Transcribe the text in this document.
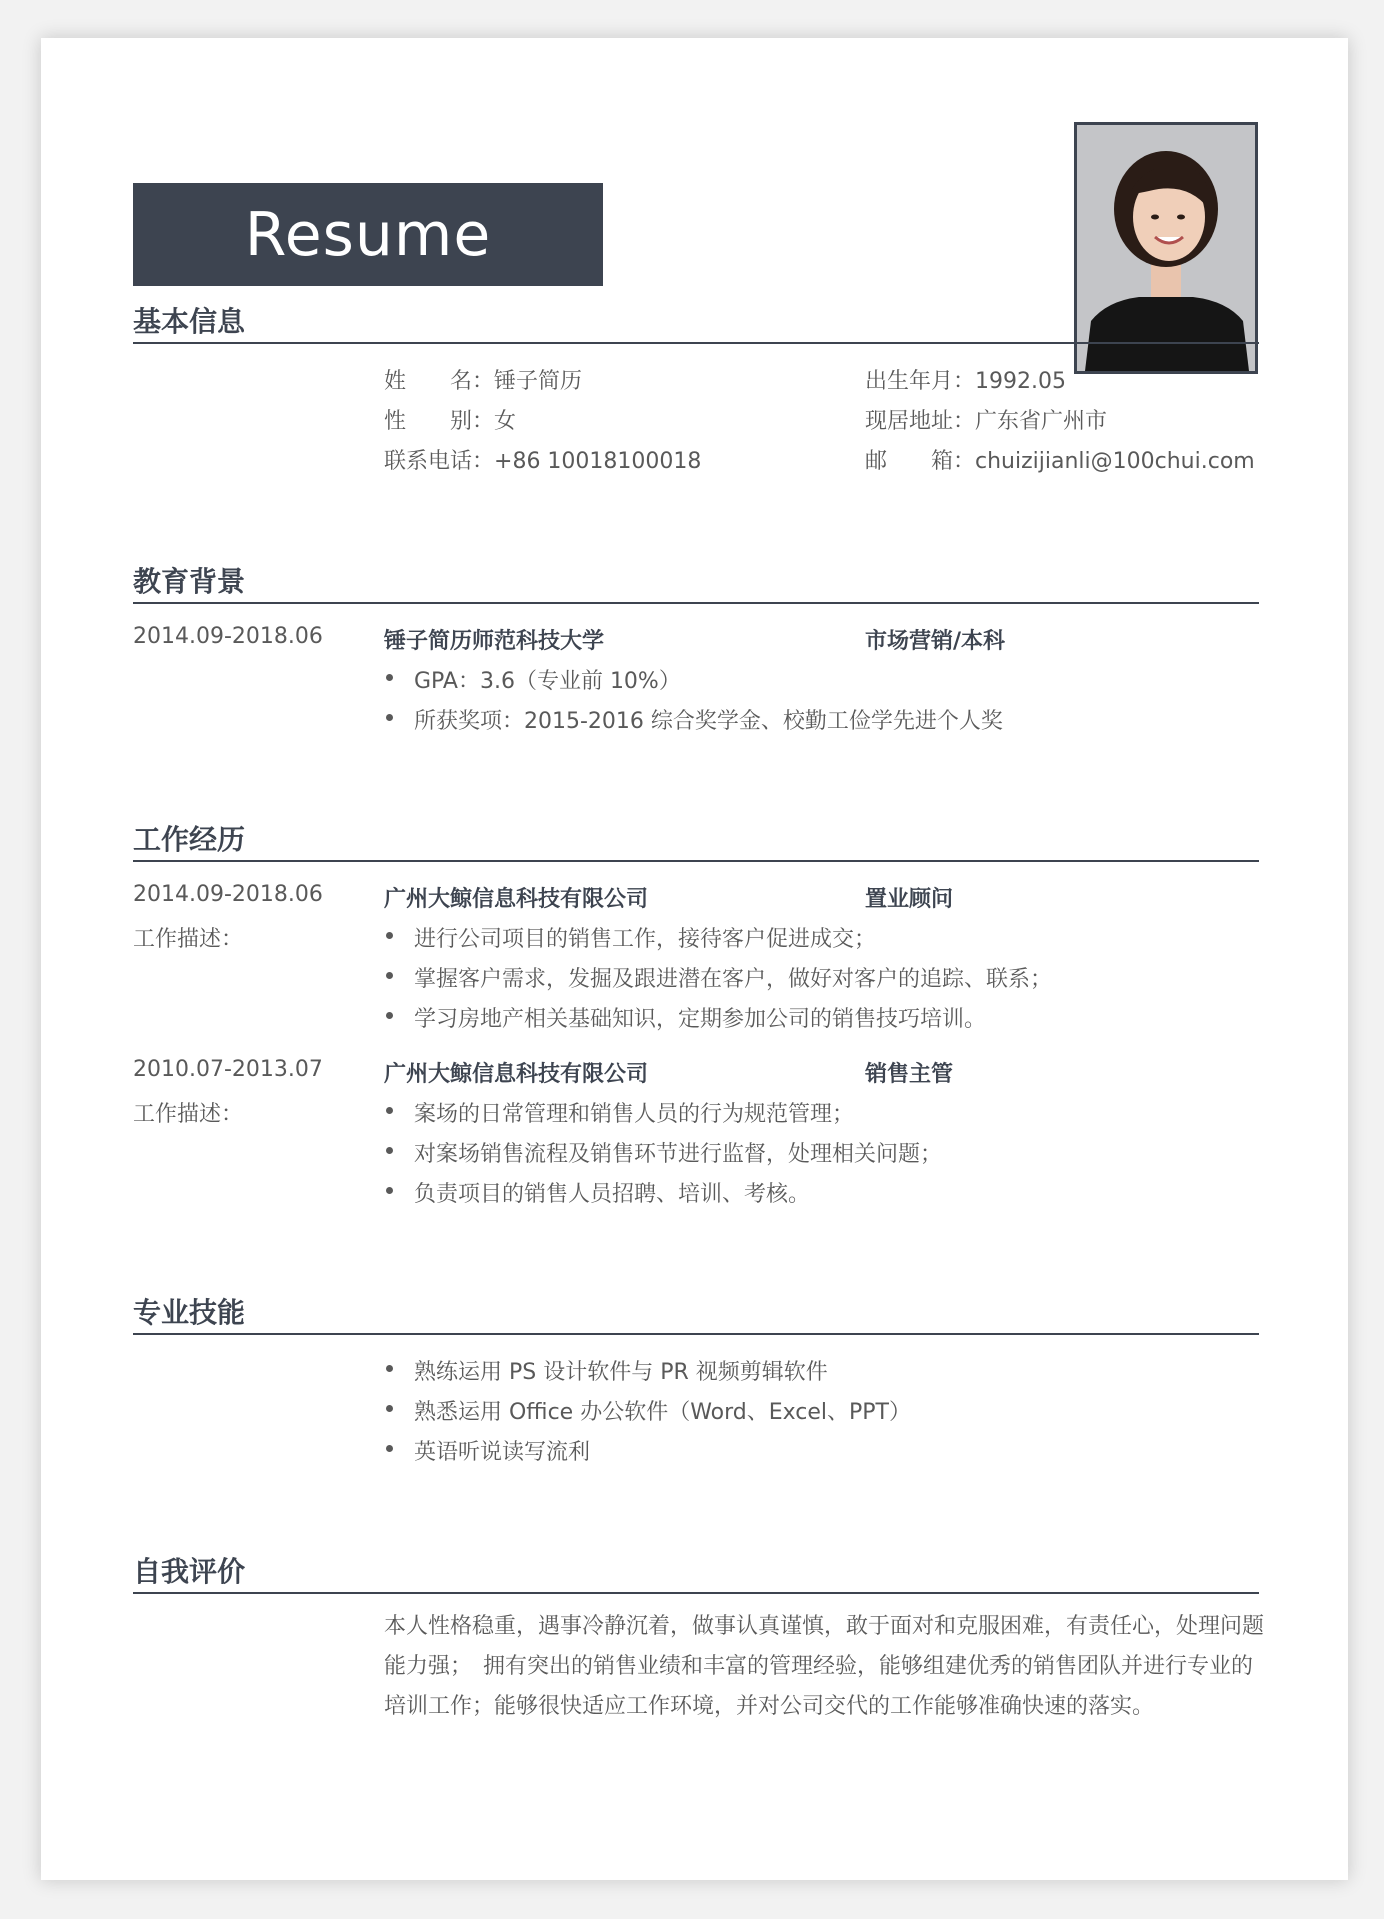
Resume
基本信息
姓　　名：锤子简历
性　　别：女
联系电话：+86 10018100018
出生年月：1992.05
现居地址：广东省广州市
邮　　箱：chuizijianli@100chui.com
教育背景
2014.09-2018.06	锤子简历师范科技大学	市场营销/本科
GPA：3.6（专业前 10%）
所获奖项：2015-2016 综合奖学金、校勤工俭学先进个人奖
工作经历
2014.09-2018.06
工作描述：
广州大鲸信息科技有限公司	置业顾问
进行公司项目的销售工作，接待客户促进成交；
掌握客户需求，发掘及跟进潜在客户，做好对客户的追踪、联系；
学习房地产相关基础知识，定期参加公司的销售技巧培训。
2010.07-2013.07
工作描述：
广州大鲸信息科技有限公司	销售主管
案场的日常管理和销售人员的行为规范管理；
对案场销售流程及销售环节进行监督，处理相关问题；
负责项目的销售人员招聘、培训、考核。
专业技能
熟练运用 PS 设计软件与 PR 视频剪辑软件
熟悉运用 Office 办公软件（Word、Excel、PPT）
英语听说读写流利
自我评价
本人性格稳重，遇事冷静沉着，做事认真谨慎，敢于面对和克服困难，有责任心，处理问题能力强；　拥有突出的销售业绩和丰富的管理经验，能够组建优秀的销售团队并进行专业的培训工作；能够很快适应工作环境，并对公司交代的工作能够准确快速的落实。
